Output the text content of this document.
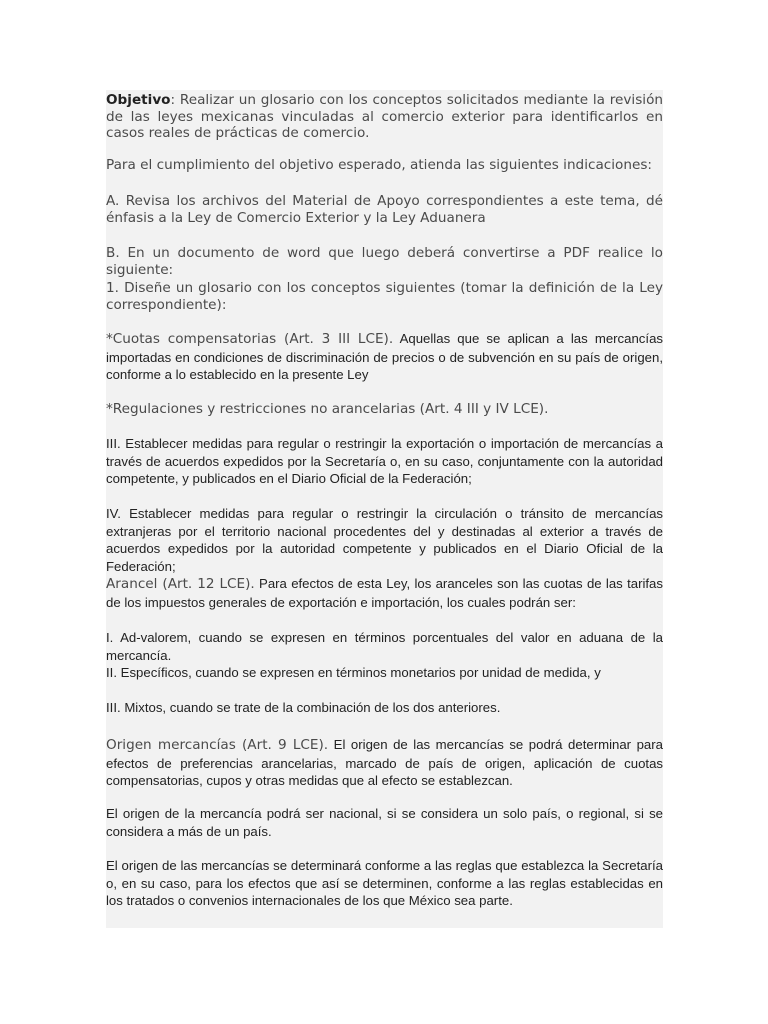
Objetivo: Realizar un glosario con los conceptos solicitados mediante la revisión de las leyes mexicanas vinculadas al comercio exterior para identificarlos en casos reales de prácticas de comercio.

Para el cumplimiento del objetivo esperado, atienda las siguientes indicaciones:

A. Revisa los archivos del Material de Apoyo correspondientes a este tema, dé énfasis a la Ley de Comercio Exterior y la Ley Aduanera

B. En un documento de word que luego deberá convertirse a PDF realice lo siguiente:

1. Diseñe un glosario con los conceptos siguientes (tomar la definición de la Ley correspondiente):

*Cuotas compensatorias (Art. 3 III LCE). Aquellas que se aplican a las mercancías importadas en condiciones de discriminación de precios o de subvención en su país de origen, conforme a lo establecido en la presente Ley

*Regulaciones y restricciones no arancelarias (Art. 4 III y IV LCE).

III. Establecer medidas para regular o restringir la exportación o importación de mercancías a través de acuerdos expedidos por la Secretaría o, en su caso, conjuntamente con la autoridad competente, y publicados en el Diario Oficial de la Federación;

IV. Establecer medidas para regular o restringir la circulación o tránsito de mercancías extranjeras por el territorio nacional procedentes del y destinadas al exterior a través de acuerdos expedidos por la autoridad competente y publicados en el Diario Oficial de la Federación;

Arancel (Art. 12 LCE). Para efectos de esta Ley, los aranceles son las cuotas de las tarifas de los impuestos generales de exportación e importación, los cuales podrán ser:

I. Ad-valorem, cuando se expresen en términos porcentuales del valor en aduana de la mercancía.

II. Específicos, cuando se expresen en términos monetarios por unidad de medida, y

III. Mixtos, cuando se trate de la combinación de los dos anteriores.

Origen mercancías (Art. 9 LCE). El origen de las mercancías se podrá determinar para efectos de preferencias arancelarias, marcado de país de origen, aplicación de cuotas compensatorias, cupos y otras medidas que al efecto se establezcan.

El origen de la mercancía podrá ser nacional, si se considera un solo país, o regional, si se considera a más de un país.

El origen de las mercancías se determinará conforme a las reglas que establezca la Secretaría o, en su caso, para los efectos que así se determinen, conforme a las reglas establecidas en los tratados o convenios internacionales de los que México sea parte.
